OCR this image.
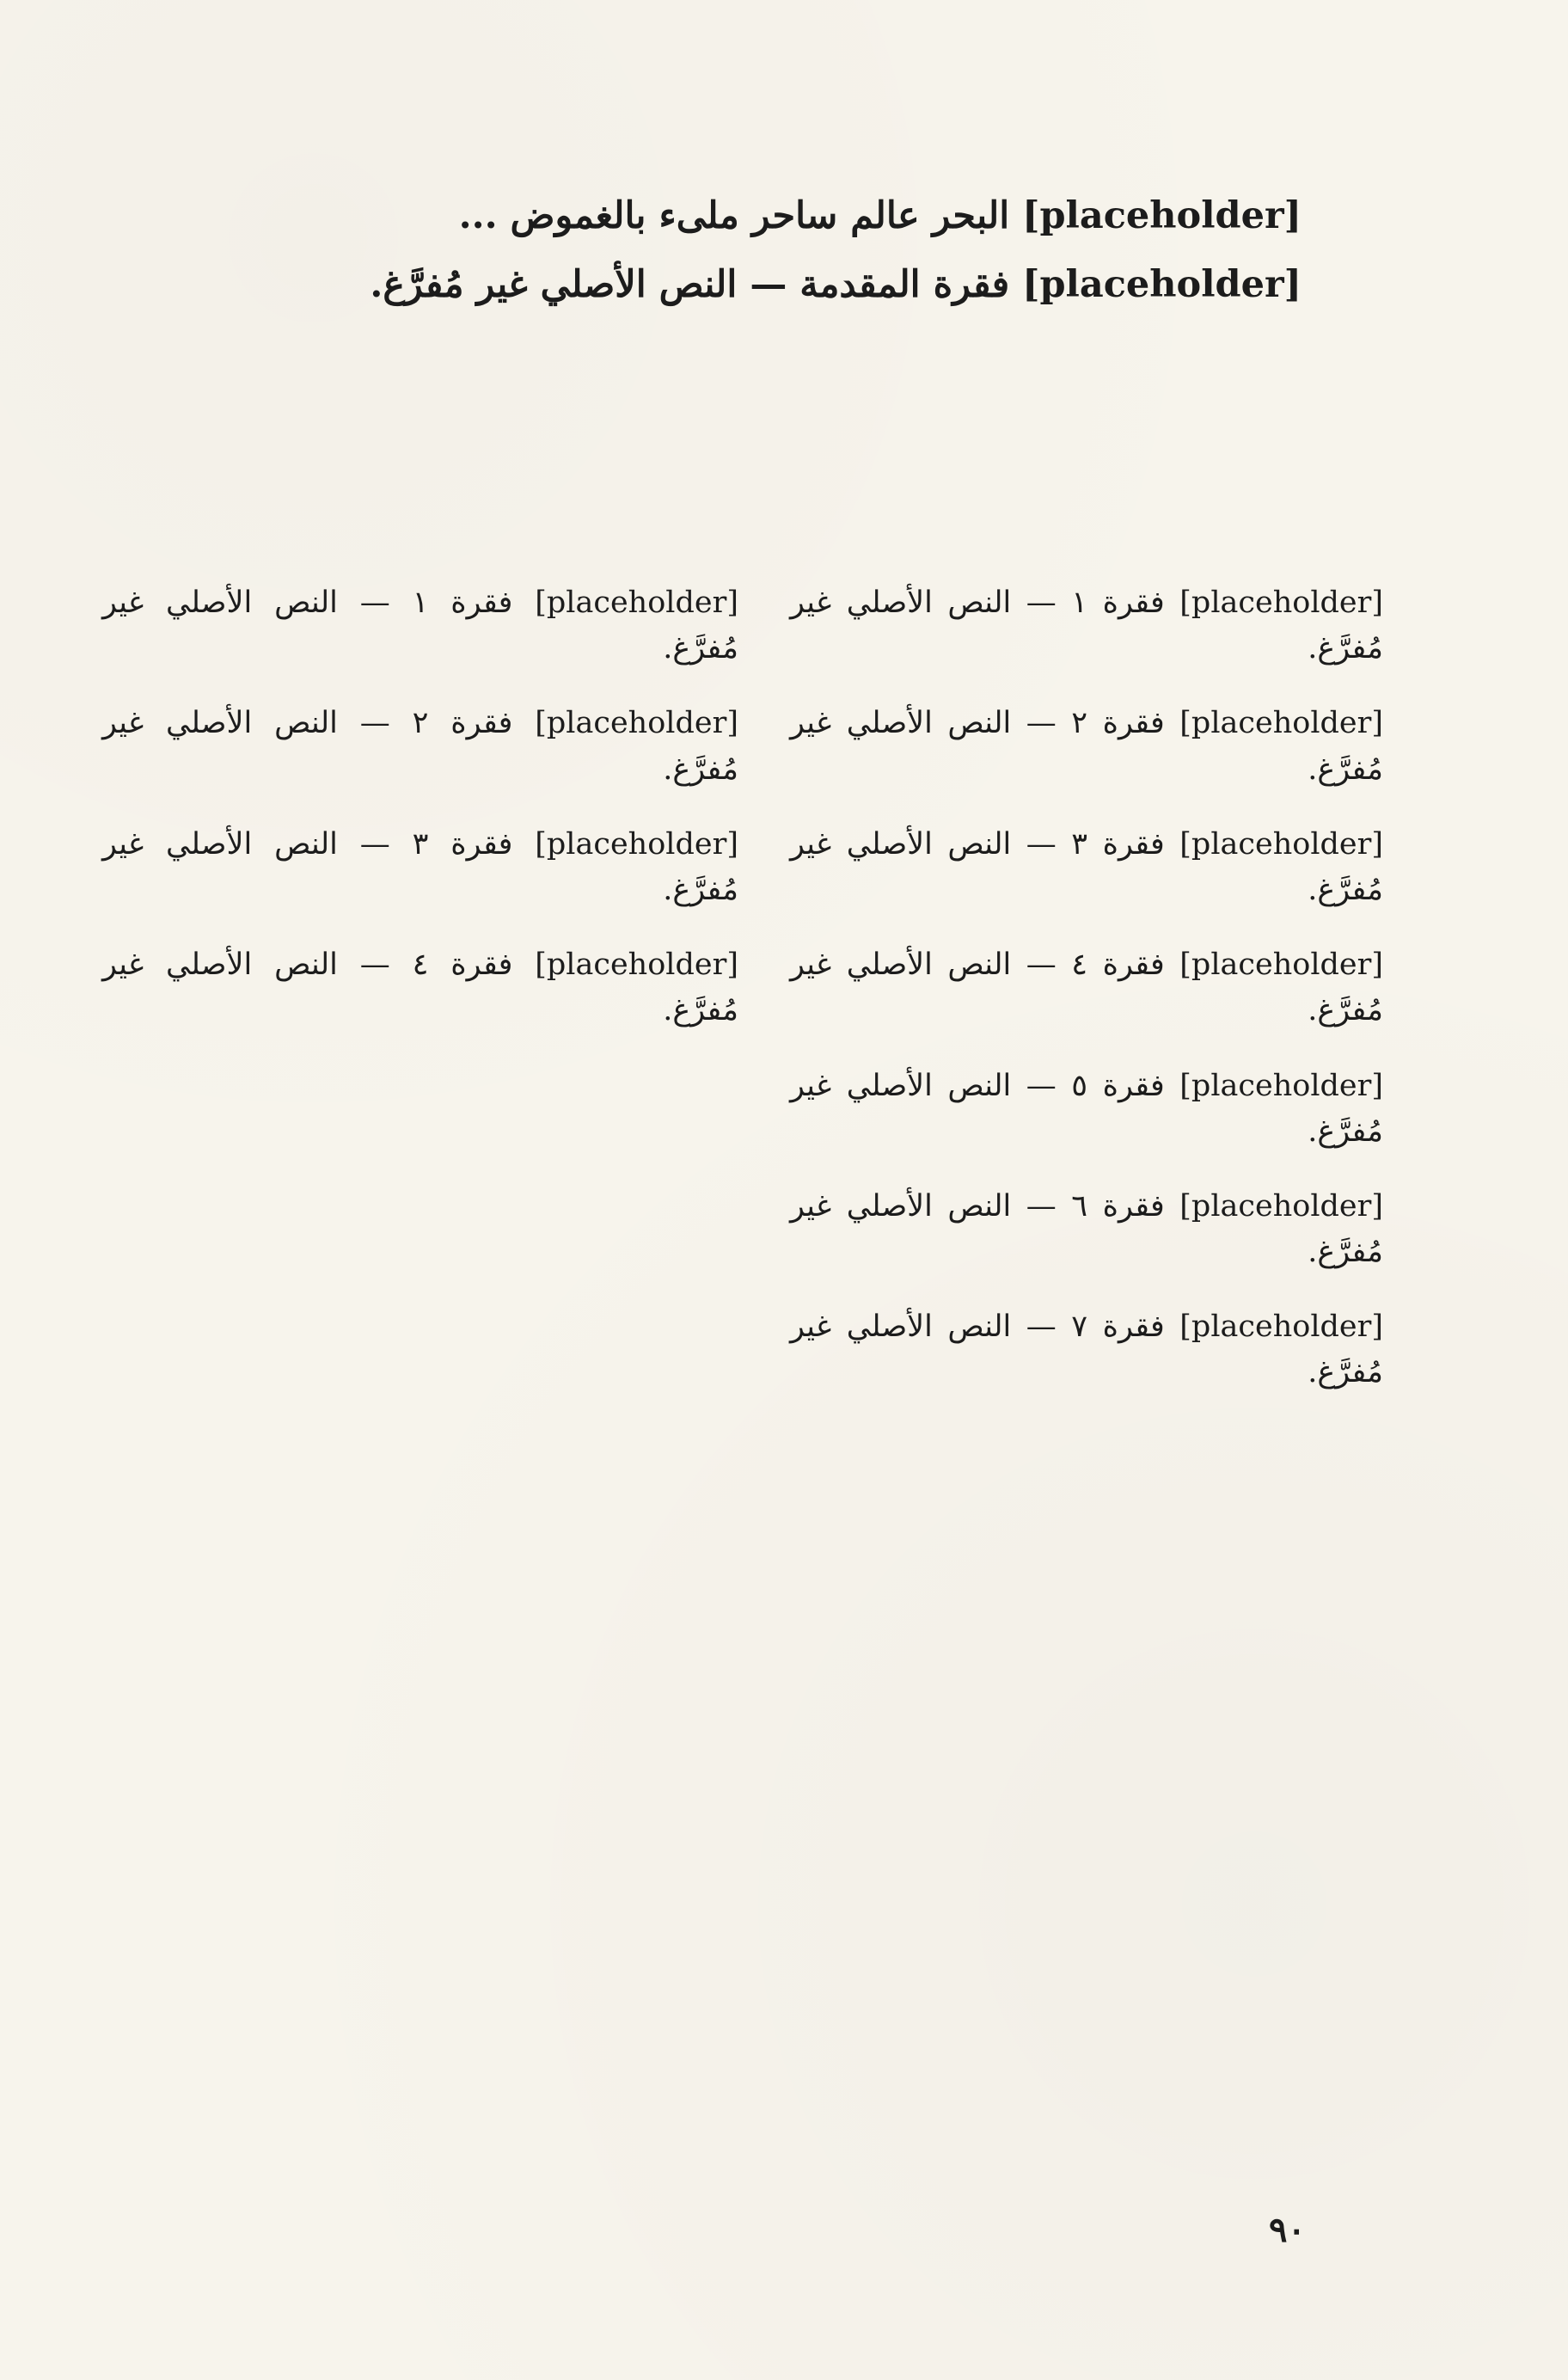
[placeholder] البحر عالم ساحر ملىء بالغموض ...

[placeholder] فقرة المقدمة — النص الأصلي غير مُفرَّغ.

[placeholder] فقرة ١ — النص الأصلي غير مُفرَّغ.

[placeholder] فقرة ٢ — النص الأصلي غير مُفرَّغ.

[placeholder] فقرة ٣ — النص الأصلي غير مُفرَّغ.

[placeholder] فقرة ٤ — النص الأصلي غير مُفرَّغ.

[placeholder] فقرة ٥ — النص الأصلي غير مُفرَّغ.

[placeholder] فقرة ٦ — النص الأصلي غير مُفرَّغ.

[placeholder] فقرة ٧ — النص الأصلي غير مُفرَّغ.

[placeholder] فقرة ١ — النص الأصلي غير مُفرَّغ.

[placeholder] فقرة ٢ — النص الأصلي غير مُفرَّغ.

[placeholder] فقرة ٣ — النص الأصلي غير مُفرَّغ.

[placeholder] فقرة ٤ — النص الأصلي غير مُفرَّغ.

٩٠
